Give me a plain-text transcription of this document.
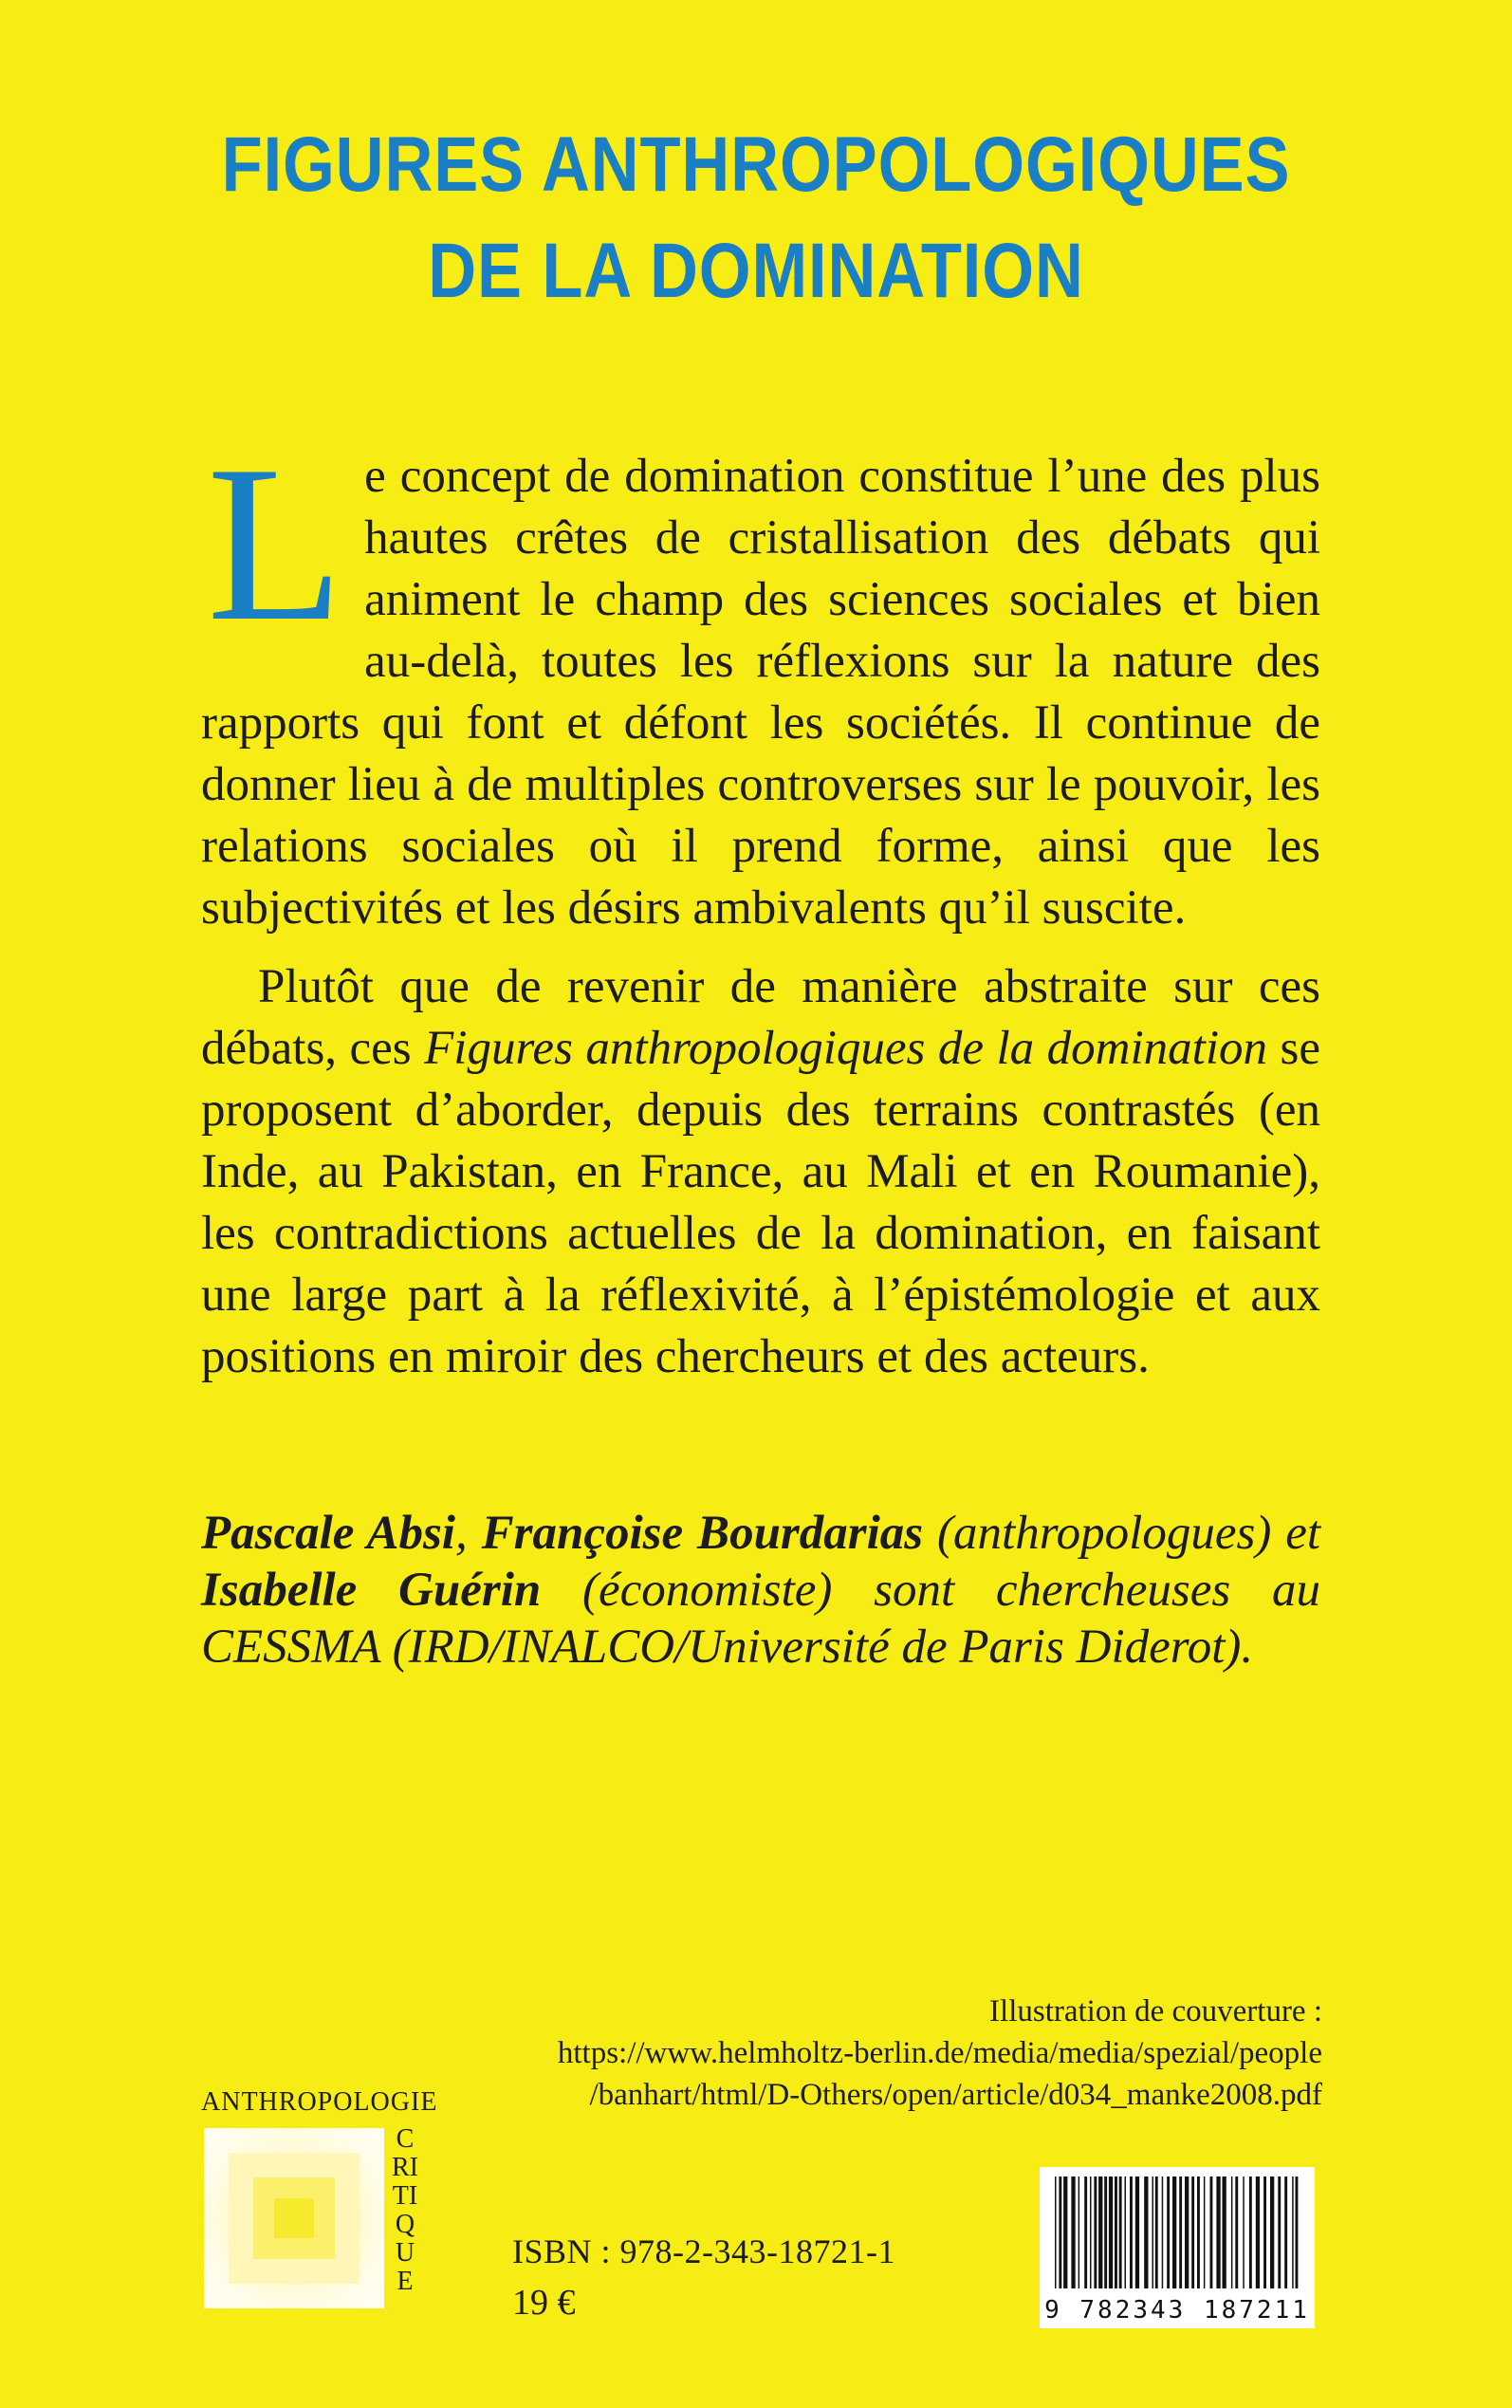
FIGURES ANTHROPOLOGIQUES
DE LA DOMINATION

Le concept de domination constitue l’une des plus hautes crêtes de cristallisation des débats qui animent le champ des sciences sociales et bien au-delà, toutes les réflexions sur la nature des rapports qui font et défont les sociétés. Il continue de donner lieu à de multiples controverses sur le pouvoir, les relations sociales où il prend forme, ainsi que les subjectivités et les désirs ambivalents qu’il suscite.

Plutôt que de revenir de manière abstraite sur ces débats, ces Figures anthropologiques de la domination se proposent d’aborder, depuis des terrains contrastés (en Inde, au Pakistan, en France, au Mali et en Roumanie), les contradictions actuelles de la domination, en faisant une large part à la réflexivité, à l’épistémologie et aux positions en miroir des chercheurs et des acteurs.

Pascale Absi, Françoise Bourdarias (anthropologues) et Isabelle Guérin (économiste) sont chercheuses au CESSMA (IRD/INALCO/Université de Paris Diderot).
Illustration de couverture :
https://www.helmholtz-berlin.de/media/media/spezial/people
/banhart/html/D-Others/open/article/d034_manke2008.pdf
ANTHROPOLOGIE
CRITIQUE
ISBN : 978-2-343-18721-1
19 €	9 782343 187211
